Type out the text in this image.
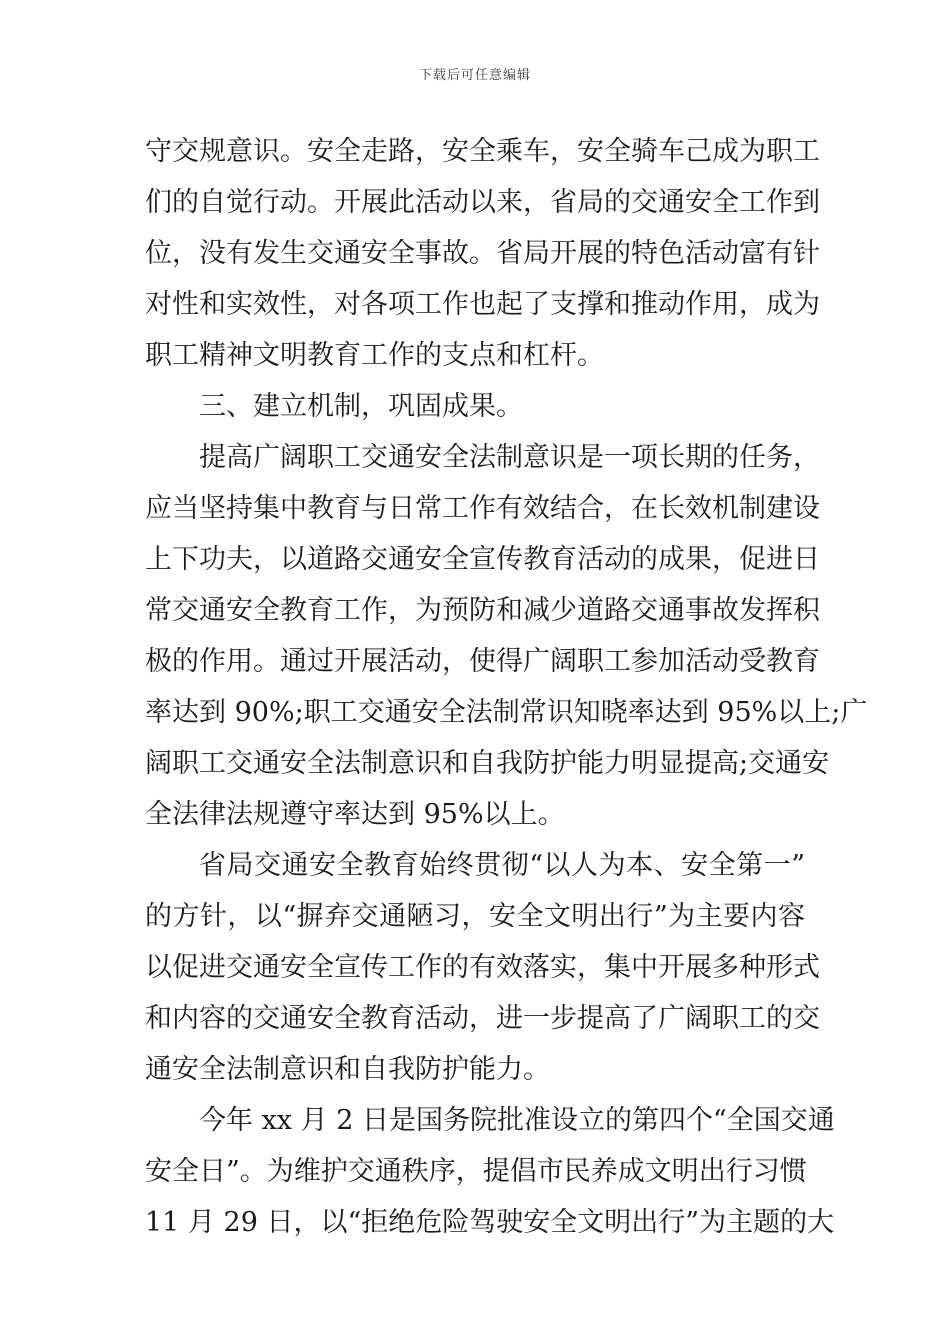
下载后可任意编辑
守交规意识。安全走路，安全乘车，安全骑车己成为职工
们的自觉行动。开展此活动以来，省局的交通安全工作到
位，没有发生交通安全事故。省局开展的特色活动富有针
对性和实效性，对各项工作也起了支撑和推动作用，成为
职工精神文明教育工作的支点和杠杆。
三、建立机制，巩固成果。
提高广阔职工交通安全法制意识是一项长期的任务，
应当坚持集中教育与日常工作有效结合，在长效机制建设
上下功夫，以道路交通安全宣传教育活动的成果，促进日
常交通安全教育工作，为预防和减少道路交通事故发挥积
极的作用。通过开展活动，使得广阔职工参加活动受教育
率达到 90%;职工交通安全法制常识知晓率达到 95%以上;广
阔职工交通安全法制意识和自我防护能力明显提高;交通安
全法律法规遵守率达到 95%以上。
省局交通安全教育始终贯彻“以人为本、安全第一”
的方针，以“摒弃交通陋习，安全文明出行”为主要内容
以促进交通安全宣传工作的有效落实，集中开展多种形式
和内容的交通安全教育活动，进一步提高了广阔职工的交
通安全法制意识和自我防护能力。
今年 xx 月 2 日是国务院批准设立的第四个“全国交通
安全日”。为维护交通秩序，提倡市民养成文明出行习惯
11 月 29 日，以“拒绝危险驾驶安全文明出行”为主题的大
